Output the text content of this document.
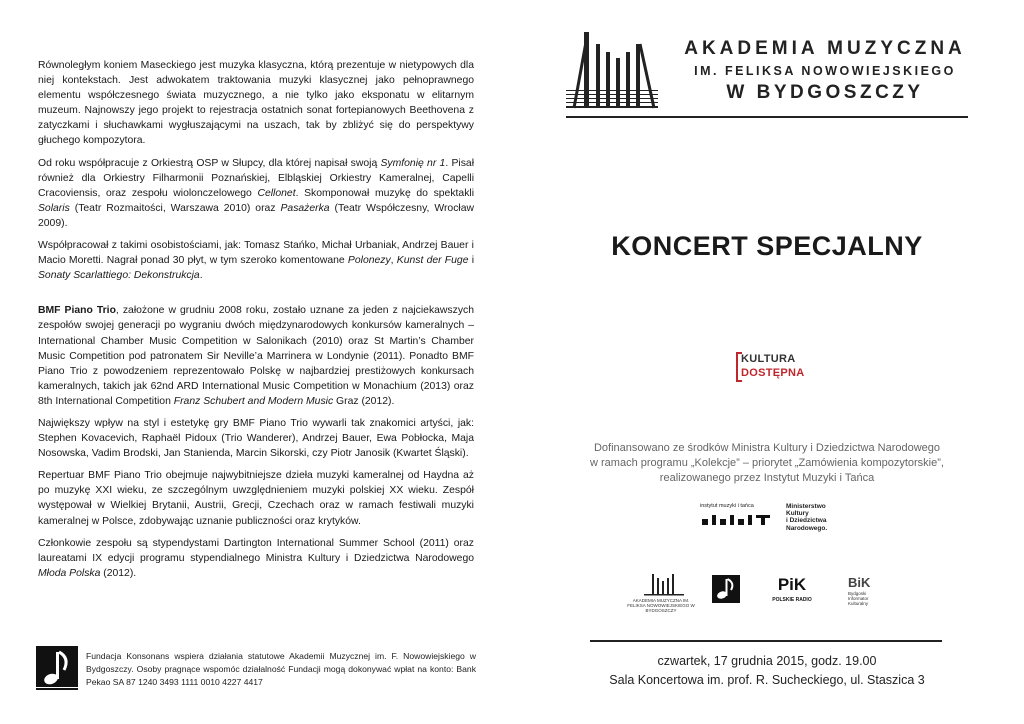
Równoległym koniem Maseckiego jest muzyka klasyczna, którą prezentuje w nietypowych dla niej kontekstach. Jest adwokatem traktowania muzyki klasycznej jako pełnoprawnego elementu współczesnego świata muzycznego, a nie tylko jako eksponatu w elitarnym muzeum. Najnowszy jego projekt to rejestracja ostatnich sonat fortepianowych Beethovena z zatyczkami i słuchawkami wygłuszającymi na uszach, tak by zbliżyć się do perspektywy głuchego kompozytora.

Od roku współpracuje z Orkiestrą OSP w Słupcy, dla której napisał swoją Symfonię nr 1. Pisał również dla Orkiestry Filharmonii Poznańskiej, Elbląskiej Orkiestry Kameralnej, Capelli Cracoviensis, oraz zespołu wiolonczelowego Cellonet. Skomponował muzykę do spektakli Solaris (Teatr Rozmaitości, Warszawa 2010) oraz Pasażerka (Teatr Współczesny, Wrocław 2009).

Współpracował z takimi osobistościami, jak: Tomasz Stańko, Michał Urbaniak, Andrzej Bauer i Macio Moretti. Nagrał ponad 30 płyt, w tym szeroko komentowane Polonezy, Kunst der Fuge i Sonaty Scarlattiego: Dekonstrukcja.

BMF Piano Trio, założone w grudniu 2008 roku, zostało uznane za jeden z najciekawszych zespołów swojej generacji po wygraniu dwóch międzynarodowych konkursów kameralnych – International Chamber Music Competition w Salonikach (2010) oraz St Martin’s Chamber Music Competition pod patronatem Sir Neville’a Marrinera w Londynie (2011). Ponadto BMF Piano Trio z powodzeniem reprezentowało Polskę w najbardziej prestiżowych konkursach kameralnych, takich jak 62nd ARD International Music Competition w Monachium (2013) oraz 8th International Competition Franz Schubert and Modern Music Graz (2012).

Największy wpływ na styl i estetykę gry BMF Piano Trio wywarli tak znakomici artyści, jak: Stephen Kovacevich, Raphaël Pidoux (Trio Wanderer), Andrzej Bauer, Ewa Pobłocka, Maja Nosowska, Vadim Brodski, Jan Stanienda, Marcin Sikorski, czy Piotr Janosik (Kwartet Śląski).

Repertuar BMF Piano Trio obejmuje najwybitniejsze dzieła muzyki kameralnej od Haydna aż po muzykę XXI wieku, ze szczególnym uwzględnieniem muzyki polskiej XX wieku. Zespół występował w Wielkiej Brytanii, Austrii, Grecji, Czechach oraz w ramach festiwali muzyki kameralnej w Polsce, zdobywając uznanie publiczności oraz krytyków.

Członkowie zespołu są stypendystami Dartington International Summer School (2011) oraz laureatami IX edycji programu stypendialnego Ministra Kultury i Dziedzictwa Narodowego Młoda Polska (2012).

Fundacja Konsonans wspiera działania statutowe Akademii Muzycznej im. F. Nowowiejskiego w Bydgoszczy. Osoby pragnące wspomóc działalność Fundacji mogą dokonywać wpłat na konto: Bank Pekao SA 87 1240 3493 1111 0010 4227 4417
AKADEMIA MUZYCZNA
IM. FELIKSA NOWOWIEJSKIEGO
W BYDGOSZCZY
KONCERT SPECJALNY
KULTURA
DOSTĘPNA
Dofinansowano ze środków Ministra Kultury i Dziedzictwa Narodowego
w ramach programu „Kolekcje” – priorytet „Zamówienia kompozytorskie”,
realizowanego przez Instytut Muzyki i Tańca
instytut muzyki i tańca	Ministerstwo
Kultury
i Dziedzictwa
Narodowego.
AKADEMIA MUZYCZNA IM. FELIKSA NOWOWIEJSKIEGO W BYDGOSZCZY
PiK
POLSKIE RADIO
BiK
Bydgoski Informator Kulturalny
czwartek, 17 grudnia 2015, godz. 19.00
Sala Koncertowa im. prof. R. Sucheckiego, ul. Staszica 3
